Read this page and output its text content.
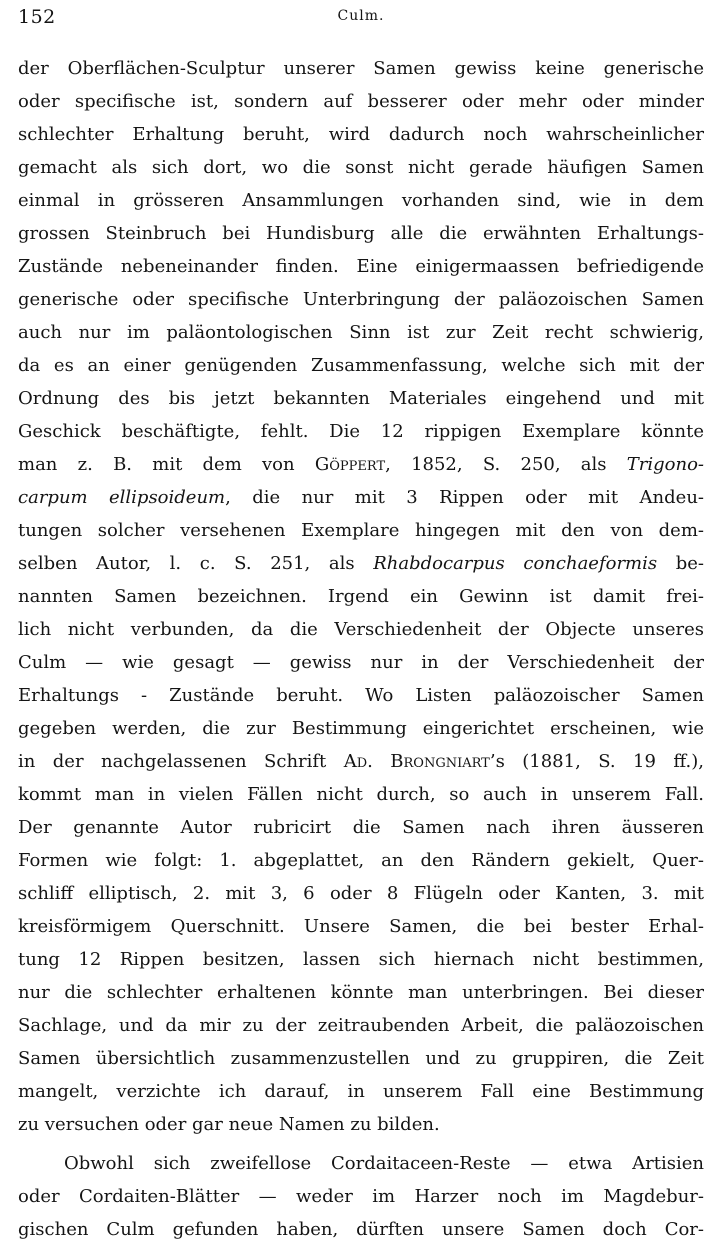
152	Culm.
der Oberflächen-Sculptur unserer Samen gewiss keine generische
oder specifische ist, sondern auf besserer oder mehr oder minder
schlechter Erhaltung beruht, wird dadurch noch wahrscheinlicher
gemacht als sich dort, wo die sonst nicht gerade häufigen Samen
einmal in grösseren Ansammlungen vorhanden sind, wie in dem
grossen Steinbruch bei Hundisburg alle die erwähnten Erhaltungs-
Zustände nebeneinander finden. Eine einigermaassen befriedigende
generische oder specifische Unterbringung der paläozoischen Samen
auch nur im paläontologischen Sinn ist zur Zeit recht schwierig,
da es an einer genügenden Zusammenfassung, welche sich mit der
Ordnung des bis jetzt bekannten Materiales eingehend und mit
Geschick beschäftigte, fehlt. Die 12 rippigen Exemplare könnte
man z. B. mit dem von Göppert, 1852, S. 250, als Trigono-
carpum ellipsoideum, die nur mit 3 Rippen oder mit Andeu-
tungen solcher versehenen Exemplare hingegen mit den von dem-
selben Autor, l. c. S. 251, als Rhabdocarpus conchaeformis be-
nannten Samen bezeichnen. Irgend ein Gewinn ist damit frei-
lich nicht verbunden, da die Verschiedenheit der Objecte unseres
Culm — wie gesagt — gewiss nur in der Verschiedenheit der
Erhaltungs - Zustände beruht. Wo Listen paläozoischer Samen
gegeben werden, die zur Bestimmung eingerichtet erscheinen, wie
in der nachgelassenen Schrift Ad. Brongniart’s (1881, S. 19 ff.),
kommt man in vielen Fällen nicht durch, so auch in unserem Fall.
Der genannte Autor rubricirt die Samen nach ihren äusseren
Formen wie folgt: 1. abgeplattet, an den Rändern gekielt, Quer-
schliff elliptisch, 2. mit 3, 6 oder 8 Flügeln oder Kanten, 3. mit
kreisförmigem Querschnitt. Unsere Samen, die bei bester Erhal-
tung 12 Rippen besitzen, lassen sich hiernach nicht bestimmen,
nur die schlechter erhaltenen könnte man unterbringen. Bei dieser
Sachlage, und da mir zu der zeitraubenden Arbeit, die paläozoischen
Samen übersichtlich zusammenzustellen und zu gruppiren, die Zeit
mangelt, verzichte ich darauf, in unserem Fall eine Bestimmung
zu versuchen oder gar neue Namen zu bilden.
Obwohl sich zweifellose Cordaitaceen-Reste — etwa Artisien
oder Cordaiten-Blätter — weder im Harzer noch im Magdebur-
gischen Culm gefunden haben, dürften unsere Samen doch Cor-
